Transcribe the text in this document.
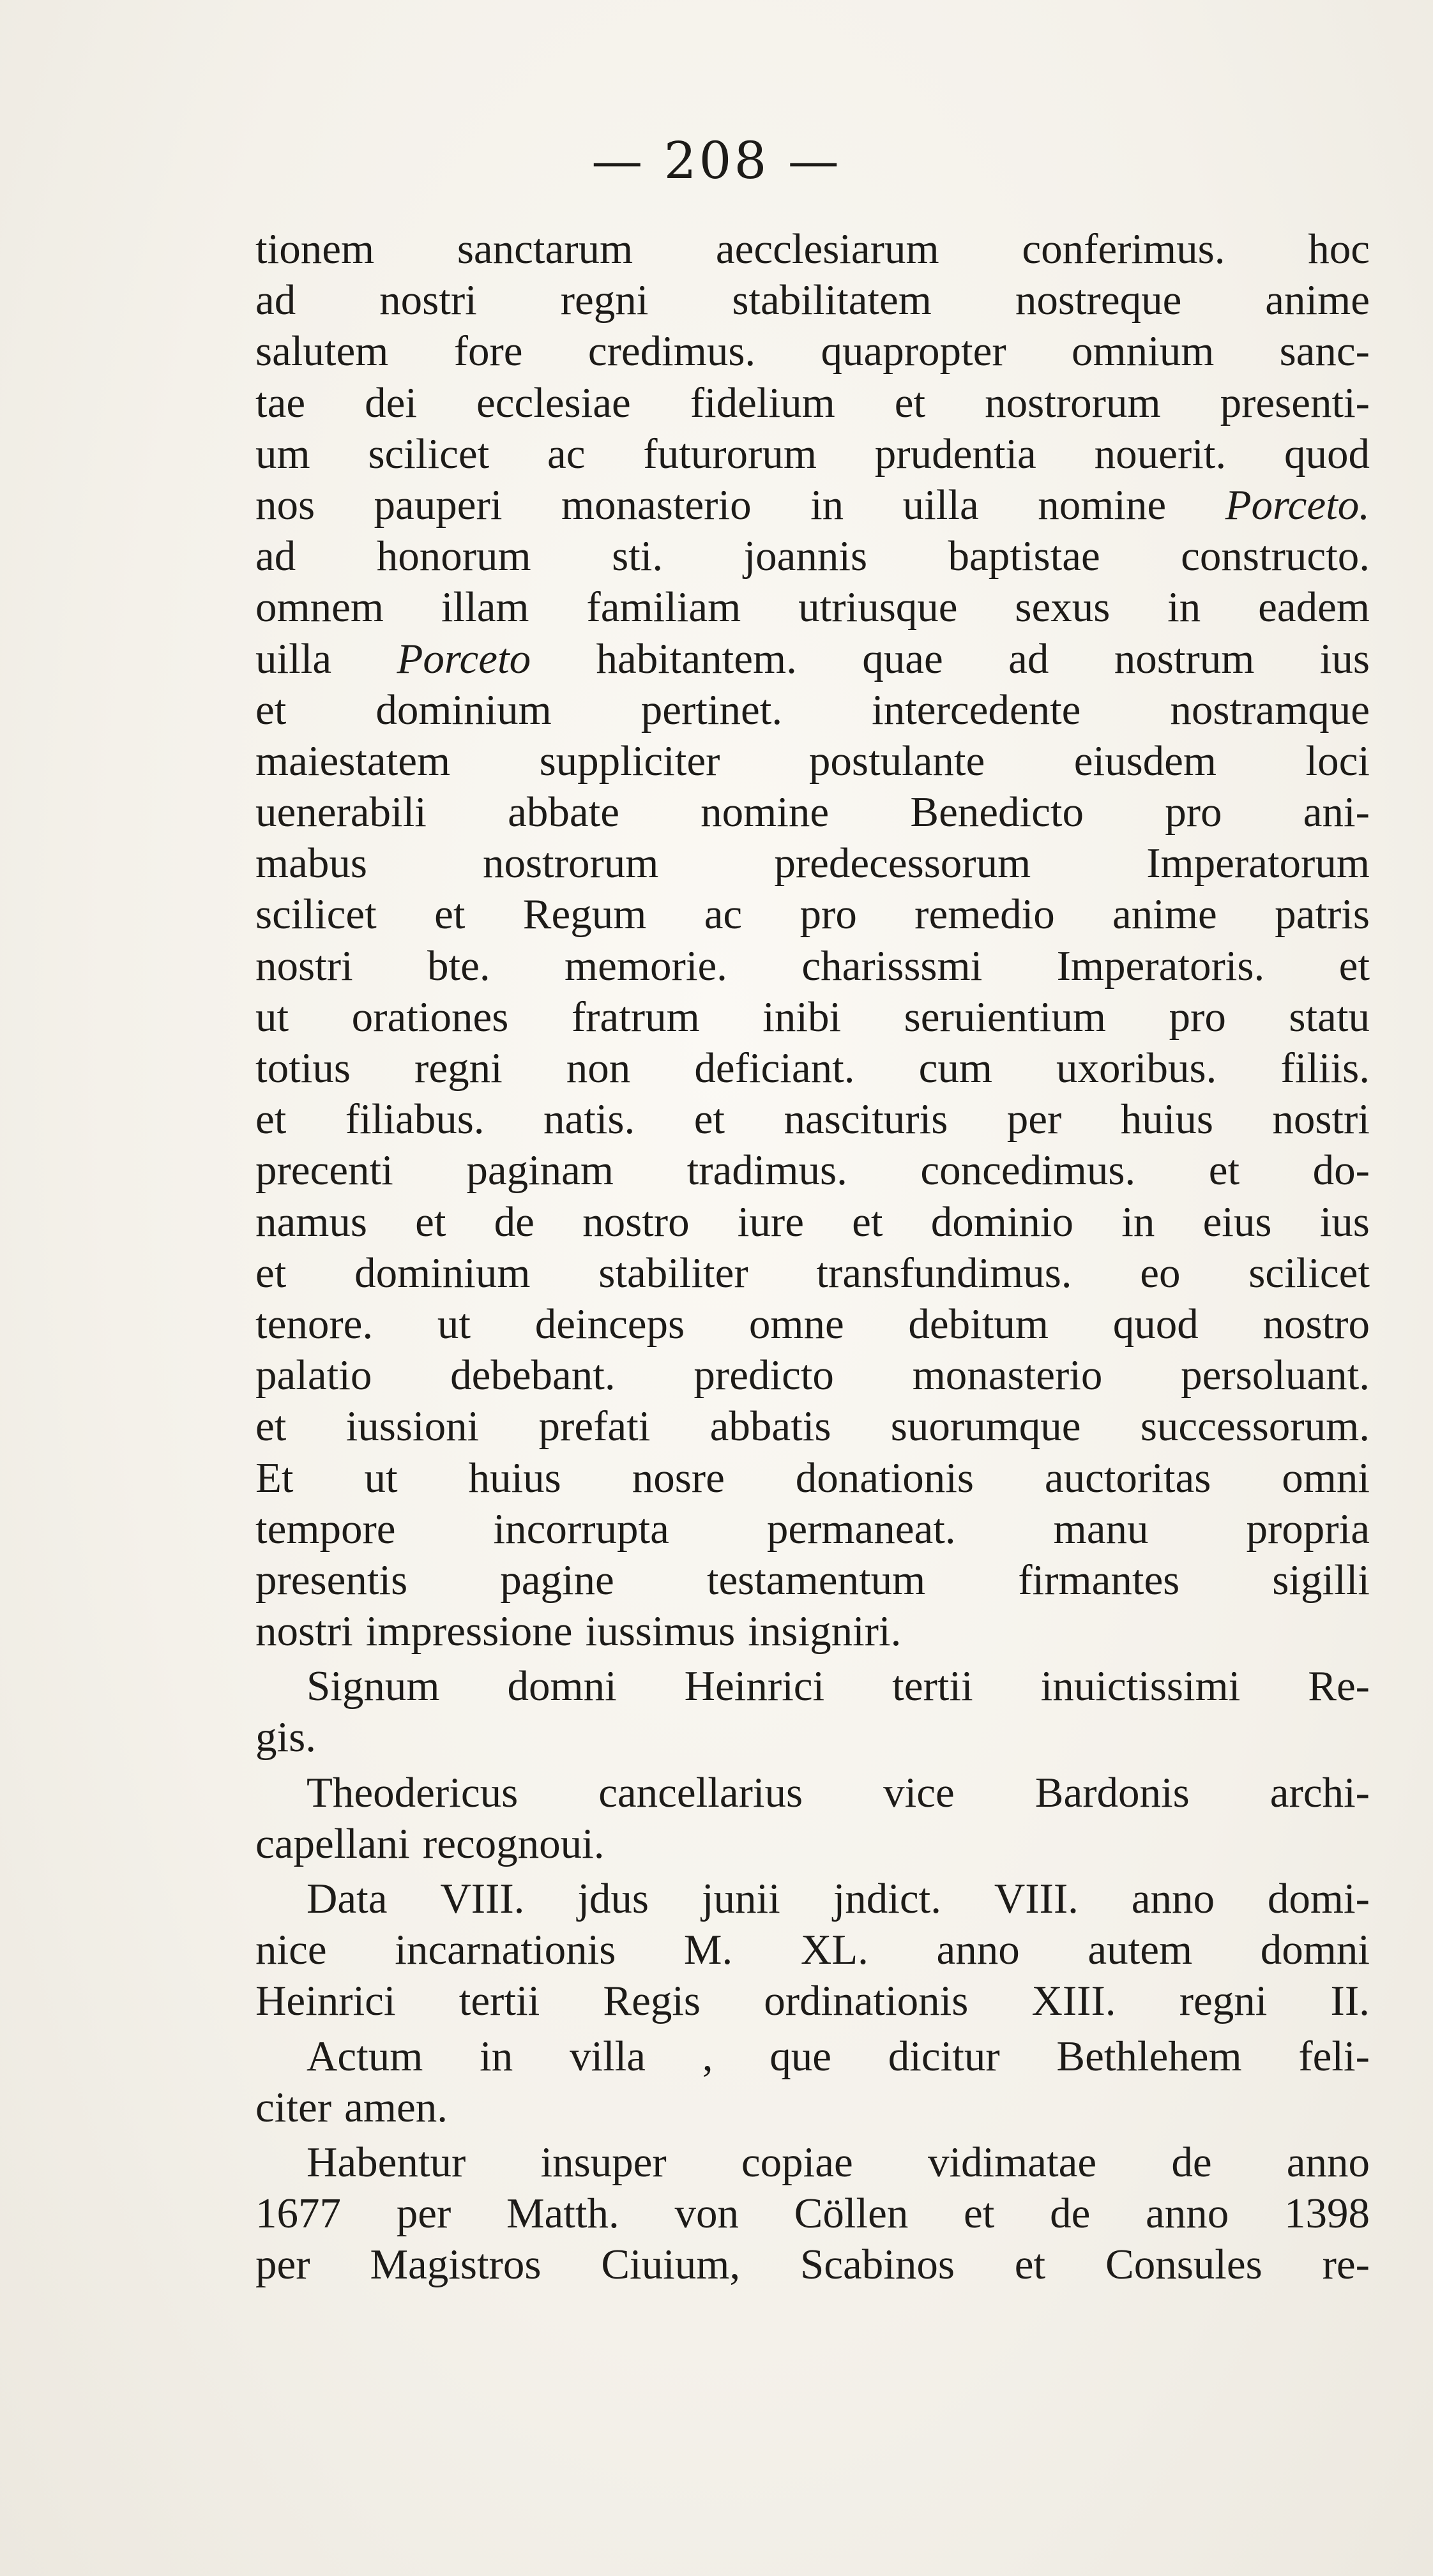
— 208 —
tionem sanctarum aecclesiarum conferimus. hoc
ad nostri regni stabilitatem nostreque anime
salutem fore credimus. quapropter omnium sanc-
tae dei ecclesiae fidelium et nostrorum presenti-
um scilicet ac futurorum prudentia nouerit. quod
nos pauperi monasterio in uilla nomine Porceto.
ad honorum sti. joannis baptistae constructo.
omnem illam familiam utriusque sexus in eadem
uilla Porceto habitantem. quae ad nostrum ius
et dominium pertinet. intercedente nostramque
maiestatem suppliciter postulante eiusdem loci
uenerabili abbate nomine Benedicto pro ani-
mabus	nostrorum	predecessorum	Imperatorum
scilicet et Regum ac pro remedio anime patris
nostri bte. memorie. charisssmi Imperatoris. et
ut orationes fratrum inibi seruientium pro statu
totius regni non deficiant. cum uxoribus. filiis.
et filiabus. natis. et nascituris per huius nostri
precenti paginam tradimus. concedimus. et do-
namus et de nostro iure et dominio in eius ius
et dominium stabiliter transfundimus. eo scilicet
tenore. ut deinceps omne debitum quod nostro
palatio debebant. predicto monasterio persoluant.
et iussioni prefati abbatis suorumque successorum.
Et ut huius nosre donationis auctoritas omni
tempore incorrupta permaneat. manu propria
presentis pagine testamentum firmantes sigilli
nostri impressione iussimus insigniri.
Signum domni Heinrici tertii inuictissimi Re-
gis.
Theodericus cancellarius vice Bardonis archi-
capellani recognoui.
Data VIII. jdus junii jndict. VIII. anno domi-
nice incarnationis M. XL. anno autem domni
Heinrici tertii Regis ordinationis XIII. regni II.
Actum in villa , que dicitur Bethlehem feli-
citer amen.
Habentur insuper copiae vidimatae de anno
1677 per Matth. von Cöllen et de anno 1398
per Magistros Ciuium, Scabinos et Consules re-
